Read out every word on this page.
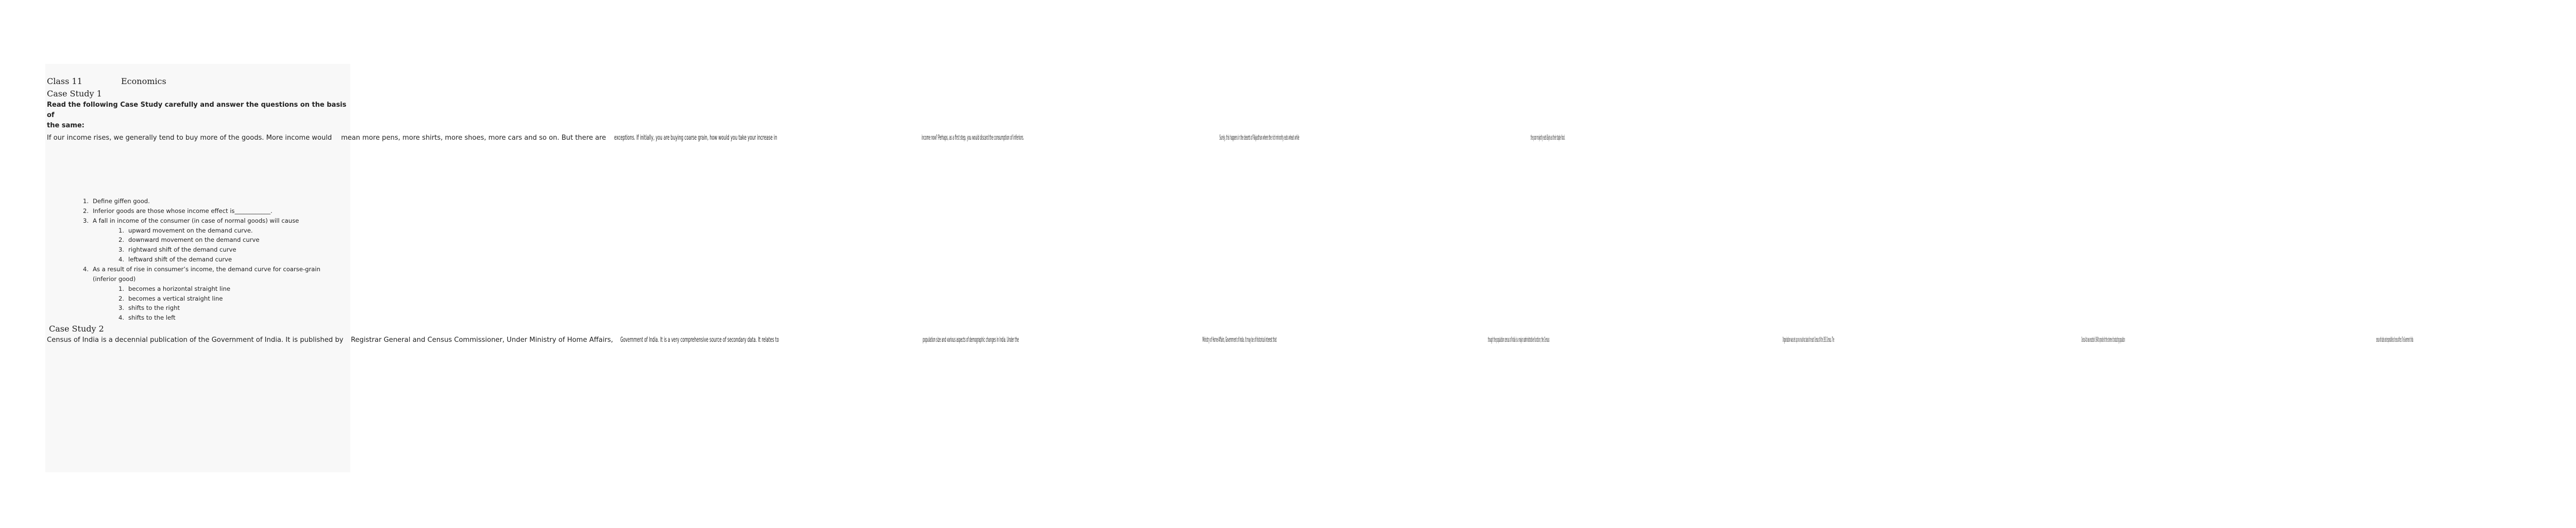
Class 11	Economics
Case Study 1
Read the following Case Study carefully and answer the questions on the basis of
the same:
If our income rises, we generally tend to buy more of the goods. More income would mean more pens, more shirts, more shoes, more cars and so on. But there are exceptions. If initially, you are buying coarse grain, how would you take your increase in	income now? Perhaps, as a first step, you would discard the consumption of inferiors.	Surely, this happens in the deserts of Rajasthan where the rich minority eats wheat while	the poor majority eats Bajra as their staple food.
1. Define giffen good.
2. Inferior goods are those whose income effect is____________.
3. A fall in income of the consumer (in case of normal goods) will cause
1. upward movement on the demand curve.
2. downward movement on the demand curve
3. rightward shift of the demand curve
4. leftward shift of the demand curve
4. As a result of rise in consumer’s income, the demand curve for coarse-grain
(inferior good)
1. becomes a horizontal straight line
2. becomes a vertical straight line
3. shifts to the right
4. shifts to the left
Case Study 2
Census of India is a decennial publication of the Government of India. It is published by Registrar General and Census Commissioner, Under Ministry of Home Affairs, Government of India. It is a very comprehensive source of secondary data. It relates to	population size and various aspects of demographic changes in India. Under the	Ministry of Home Affairs, Government of India. It may be of historical interest that	though the population census of India is a major administrative function; the Census	Organisation was set up on an ad-hoc basis for each Census till the 1951 Census. The	Census Act was enacted in 1948 to provide for the scheme of conducting population	census with duties and responsibilities of census officers. The Government of India
